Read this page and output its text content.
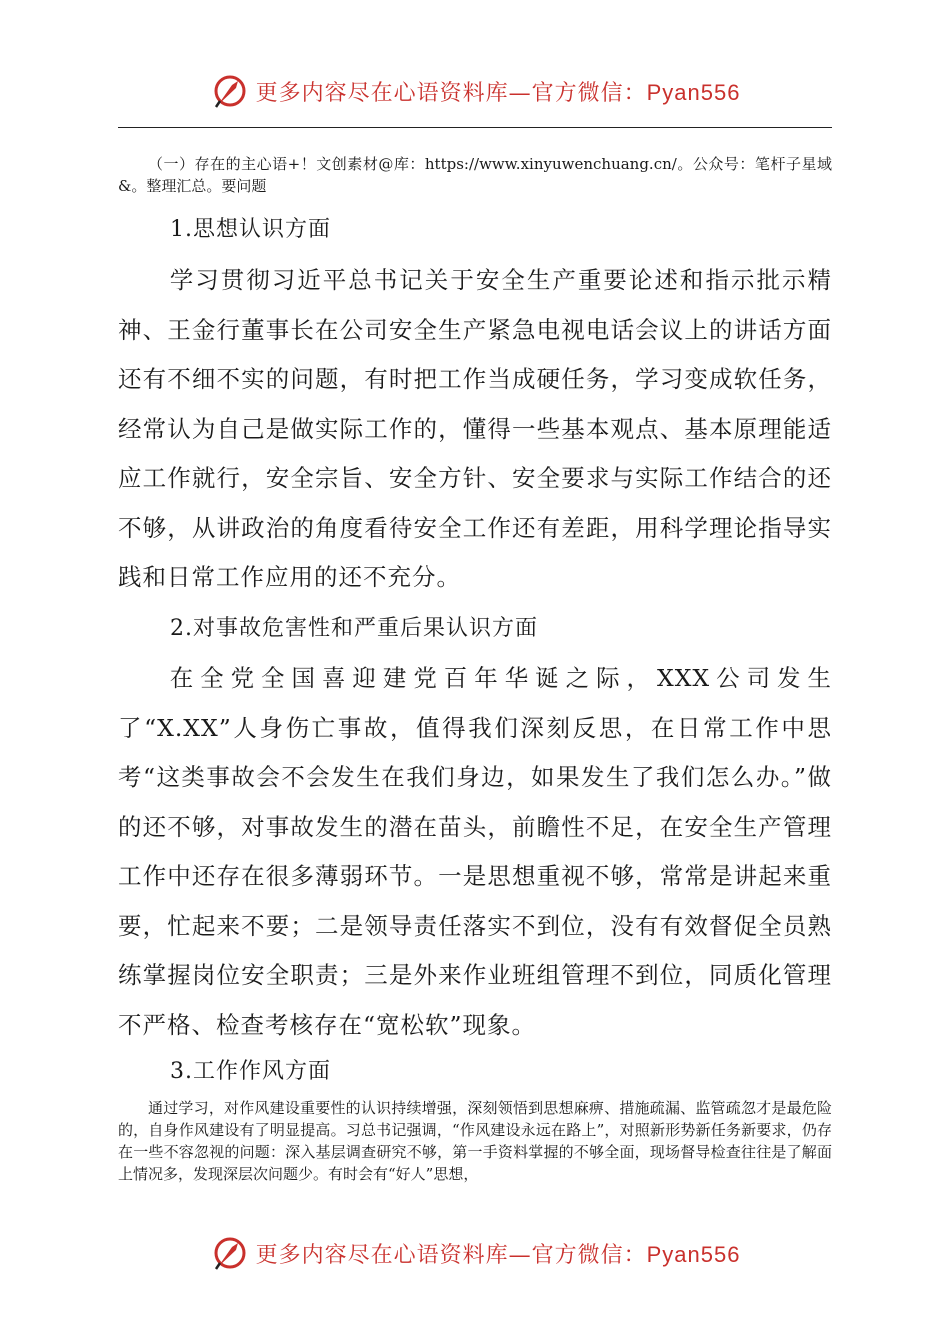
更多内容尽在心语资料库—官方微信：Pyan556

（一）存在的主心语+！文创素材@库：https://www.xinyuwenchuang.cn/。公众号：笔杆子星域&。整理汇总。要问题

1.思想认识方面

学习贯彻习近平总书记关于安全生产重要论述和指示批示精神、王金行董事长在公司安全生产紧急电视电话会议上的讲话方面还有不细不实的问题，有时把工作当成硬任务，学习变成软任务，经常认为自己是做实际工作的，懂得一些基本观点、基本原理能适应工作就行，安全宗旨、安全方针、安全要求与实际工作结合的还不够，从讲政治的角度看待安全工作还有差距，用科学理论指导实践和日常工作应用的还不充分。

2.对事故危害性和严重后果认识方面

在全党全国喜迎建党百年华诞之际，XXX公司发生了“X.XX”人身伤亡事故，值得我们深刻反思，在日常工作中思考“这类事故会不会发生在我们身边，如果发生了我们怎么办。”做的还不够，对事故发生的潜在苗头，前瞻性不足，在安全生产管理工作中还存在很多薄弱环节。一是思想重视不够，常常是讲起来重要，忙起来不要；二是领导责任落实不到位，没有有效督促全员熟练掌握岗位安全职责；三是外来作业班组管理不到位，同质化管理不严格、检查考核存在“宽松软”现象。

3.工作作风方面

通过学习，对作风建设重要性的认识持续增强，深刻领悟到思想麻痹、措施疏漏、监管疏忽才是最危险的，自身作风建设有了明显提高。习总书记强调，“作风建设永远在路上”，对照新形势新任务新要求，仍存在一些不容忽视的问题：深入基层调查研究不够，第一手资料掌握的不够全面，现场督导检查往往是了解面上情况多，发现深层次问题少。有时会有“好人”思想，

更多内容尽在心语资料库—官方微信：Pyan556
